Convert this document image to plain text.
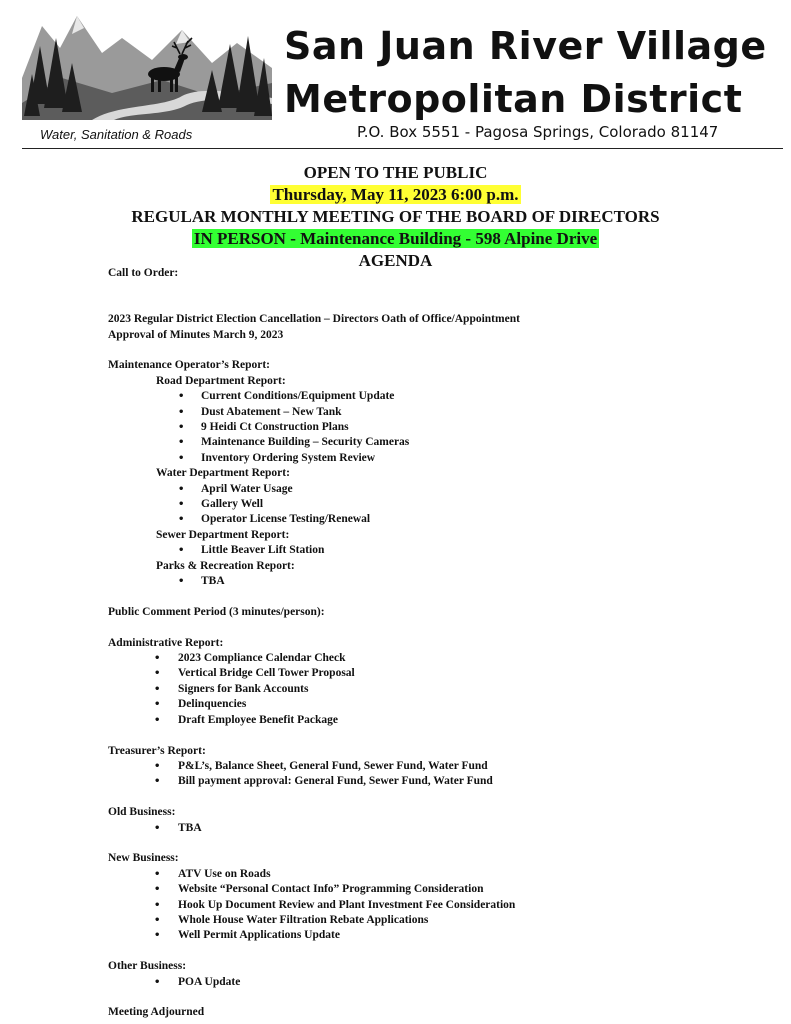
San Juan River Village
Metropolitan District
Water, Sanitation & Roads	P.O. Box 5551 - Pagosa Springs, Colorado 81147
OPEN TO THE PUBLIC
Thursday, May 11, 2023 6:00 p.m.
REGULAR MONTHLY MEETING OF THE BOARD OF DIRECTORS
IN PERSON - Maintenance Building - 598 Alpine Drive
AGENDA
Call to Order:
2023 Regular District Election Cancellation – Directors Oath of Office/Appointment
Approval of Minutes March 9, 2023
Maintenance Operator’s Report:
Road Department Report:
• Current Conditions/Equipment Update
• Dust Abatement – New Tank
• 9 Heidi Ct Construction Plans
• Maintenance Building – Security Cameras
• Inventory Ordering System Review
Water Department Report:
• April Water Usage
• Gallery Well
• Operator License Testing/Renewal
Sewer Department Report:
• Little Beaver Lift Station
Parks & Recreation Report:
• TBA
Public Comment Period (3 minutes/person):
Administrative Report:
• 2023 Compliance Calendar Check
• Vertical Bridge Cell Tower Proposal
• Signers for Bank Accounts
• Delinquencies
• Draft Employee Benefit Package
Treasurer’s Report:
• P&L’s, Balance Sheet, General Fund, Sewer Fund, Water Fund
• Bill payment approval: General Fund, Sewer Fund, Water Fund
Old Business:
• TBA
New Business:
• ATV Use on Roads
• Website “Personal Contact Info” Programming Consideration
• Hook Up Document Review and Plant Investment Fee Consideration
• Whole House Water Filtration Rebate Applications
• Well Permit Applications Update
Other Business:
• POA Update
Meeting Adjourned
